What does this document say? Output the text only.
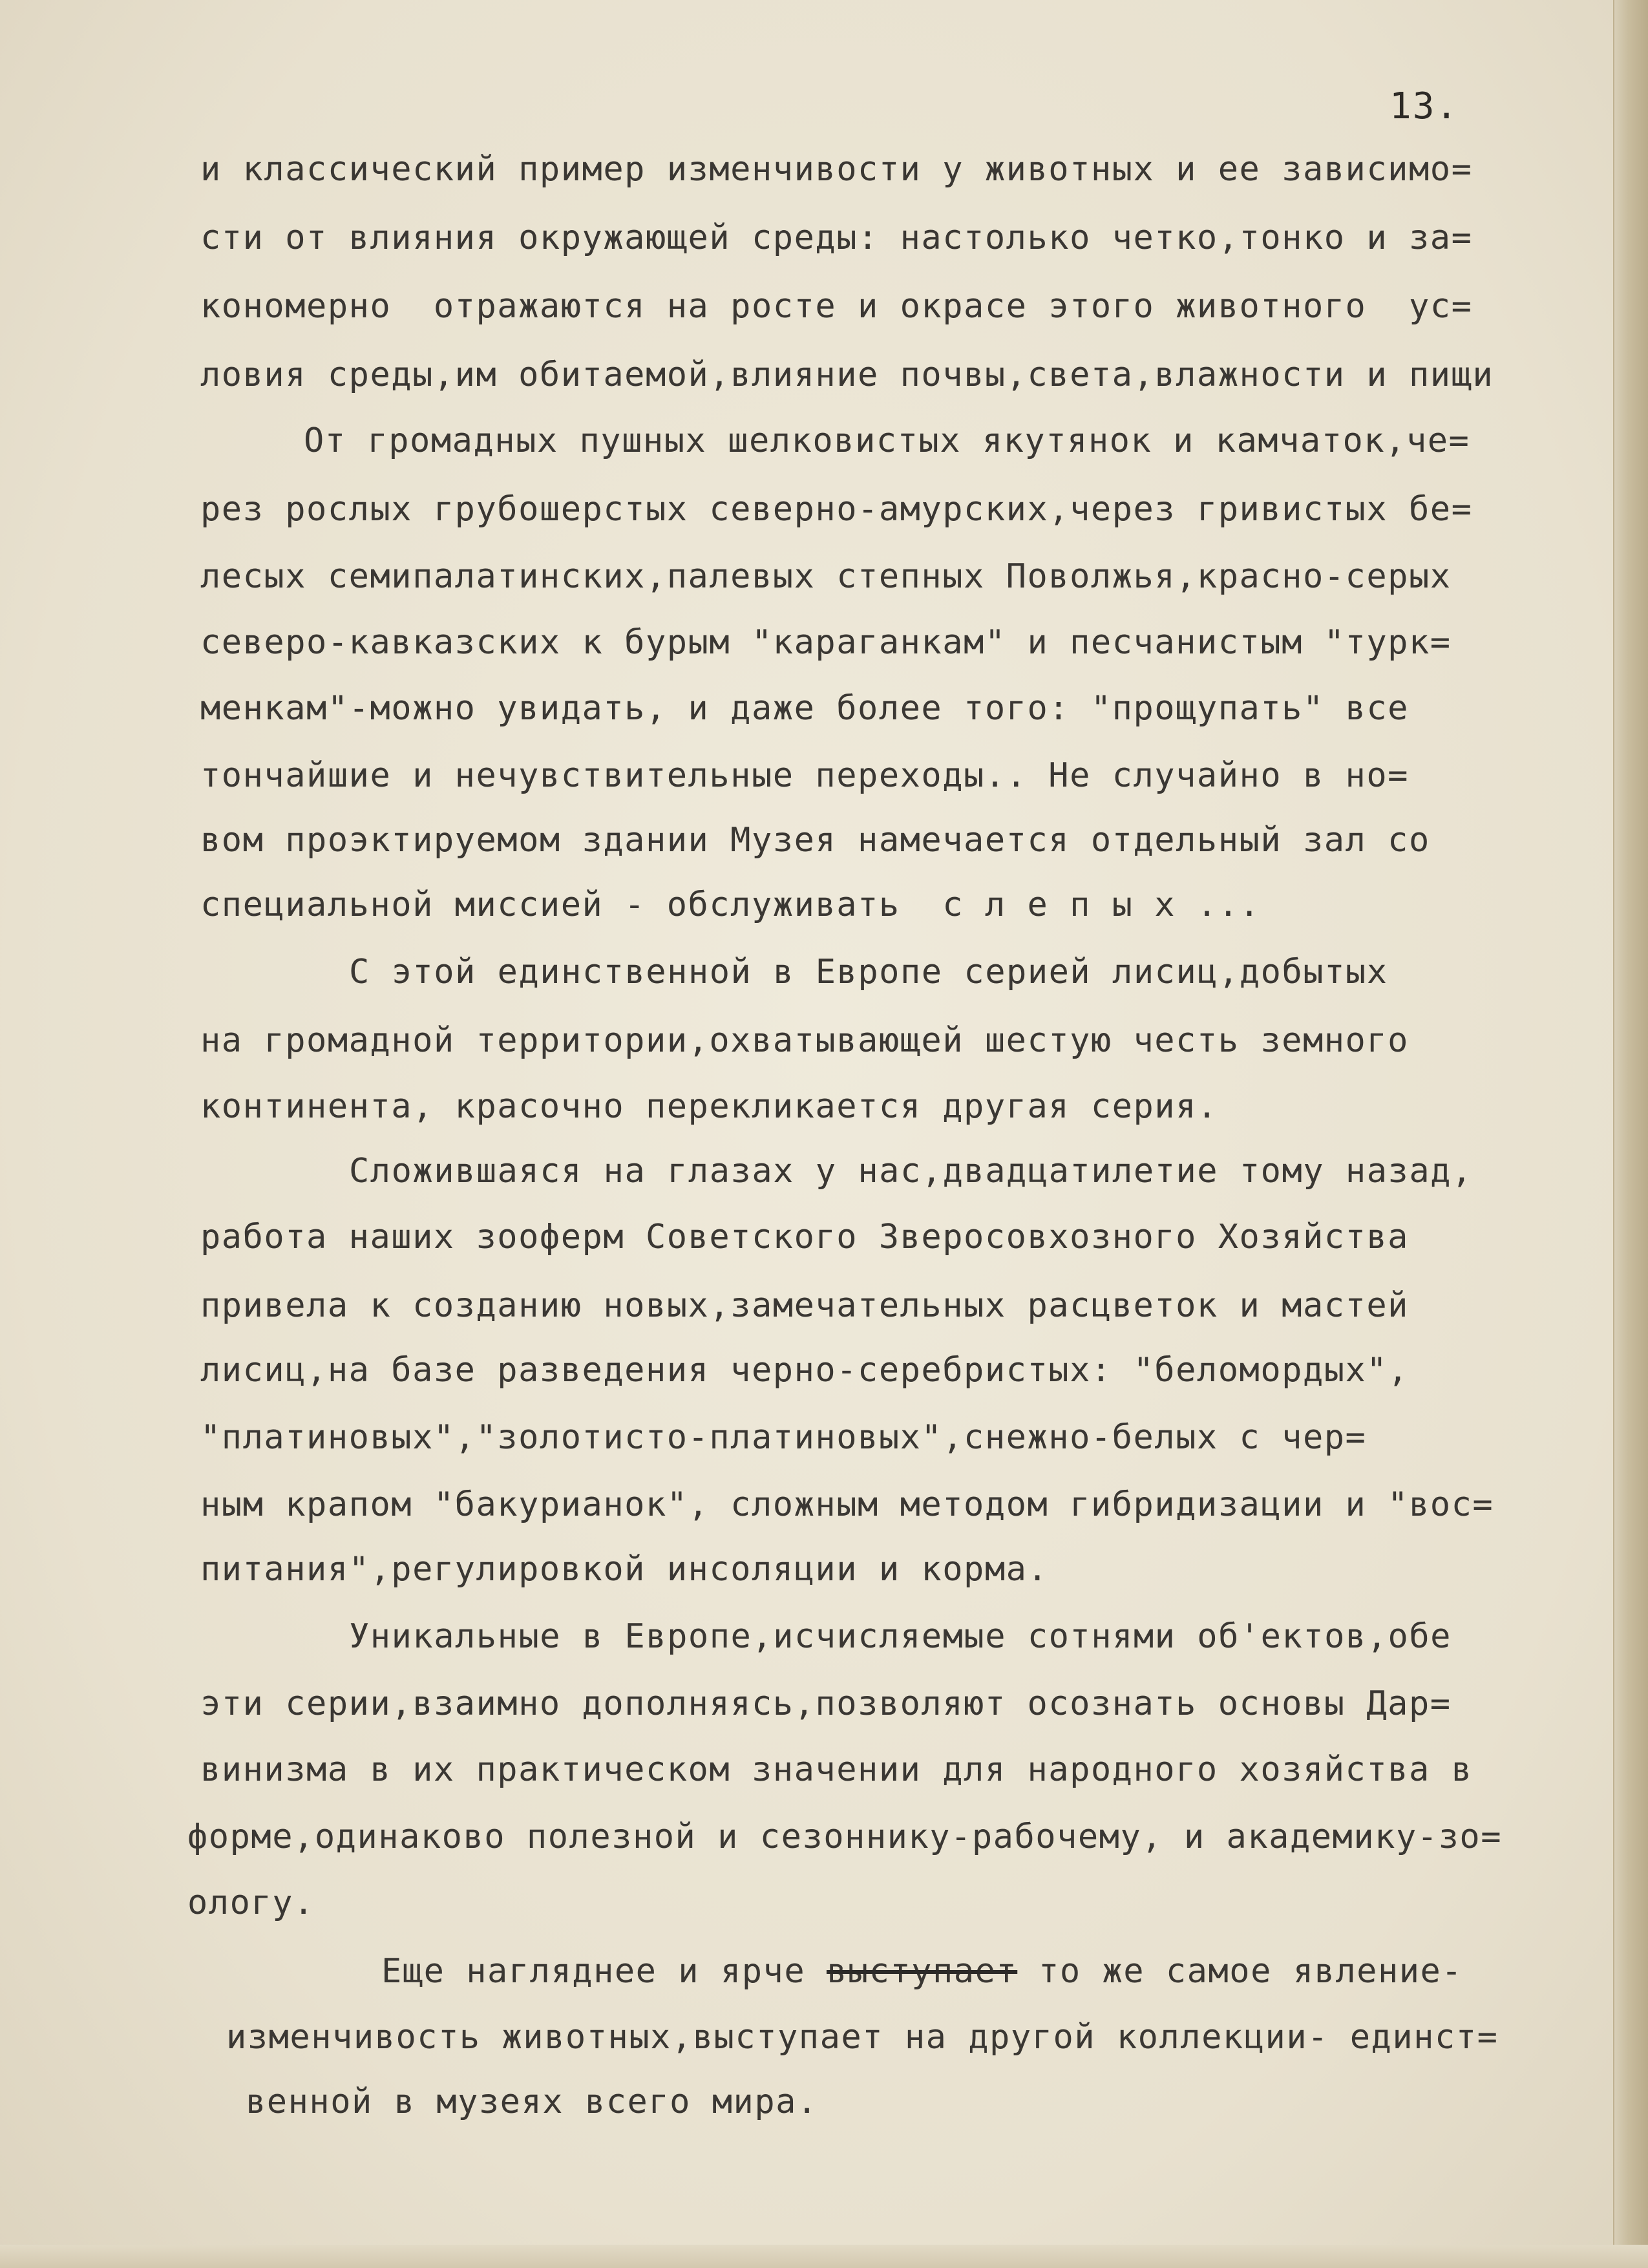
13.

и классический пример изменчивости у животных и ее зависимо=

сти от влияния окружающей среды: настолько четко,тонко и за=

кономерно  отражаются на росте и окрасе этого животного  ус=

ловия среды,им обитаемой,влияние почвы,света,влажности и пищи

От громадных пушных шелковистых якутянок и камчаток,че=

рез рослых грубошерстых северно-амурских,через гривистых бе=

лесых семипалатинских,палевых степных Поволжья,красно-серых

северо-кавказских к бурым "караганкам" и песчанистым "турк=

менкам"-можно увидать, и даже более того: "прощупать" все

тончайшие и нечувствительные переходы.. Не случайно в но=

вом проэктируемом здании Музея намечается отдельный зал со

специальной миссией - обслуживать  с л е п ы х ...

С этой единственной в Европе серией лисиц,добытых

на громадной территории,охватывающей шестую честь земного

континента, красочно перекликается другая серия.

Сложившаяся на глазах у нас,двадцатилетие тому назад,

работа наших зооферм Советского Зверосовхозного Хозяйства

привела к созданию новых,замечательных расцветок и мастей

лисиц,на базе разведения черно-серебристых: "беломордых",

"платиновых","золотисто-платиновых",снежно-белых с чер=

ным крапом "бакурианок", сложным методом гибридизации и "вос=

питания",регулировкой инсоляции и корма.

Уникальные в Европе,исчисляемые сотнями об'ектов,обе

эти серии,взаимно дополняясь,позволяют осознать основы Дар=

винизма в их практическом значении для народного хозяйства в

форме,одинаково полезной и сезоннику-рабочему, и академику-зо=

ологу.

Еще нагляднее и ярче выступает то же самое явление-

изменчивость животных,выступает на другой коллекции- единст=

венной в музеях всего мира.
